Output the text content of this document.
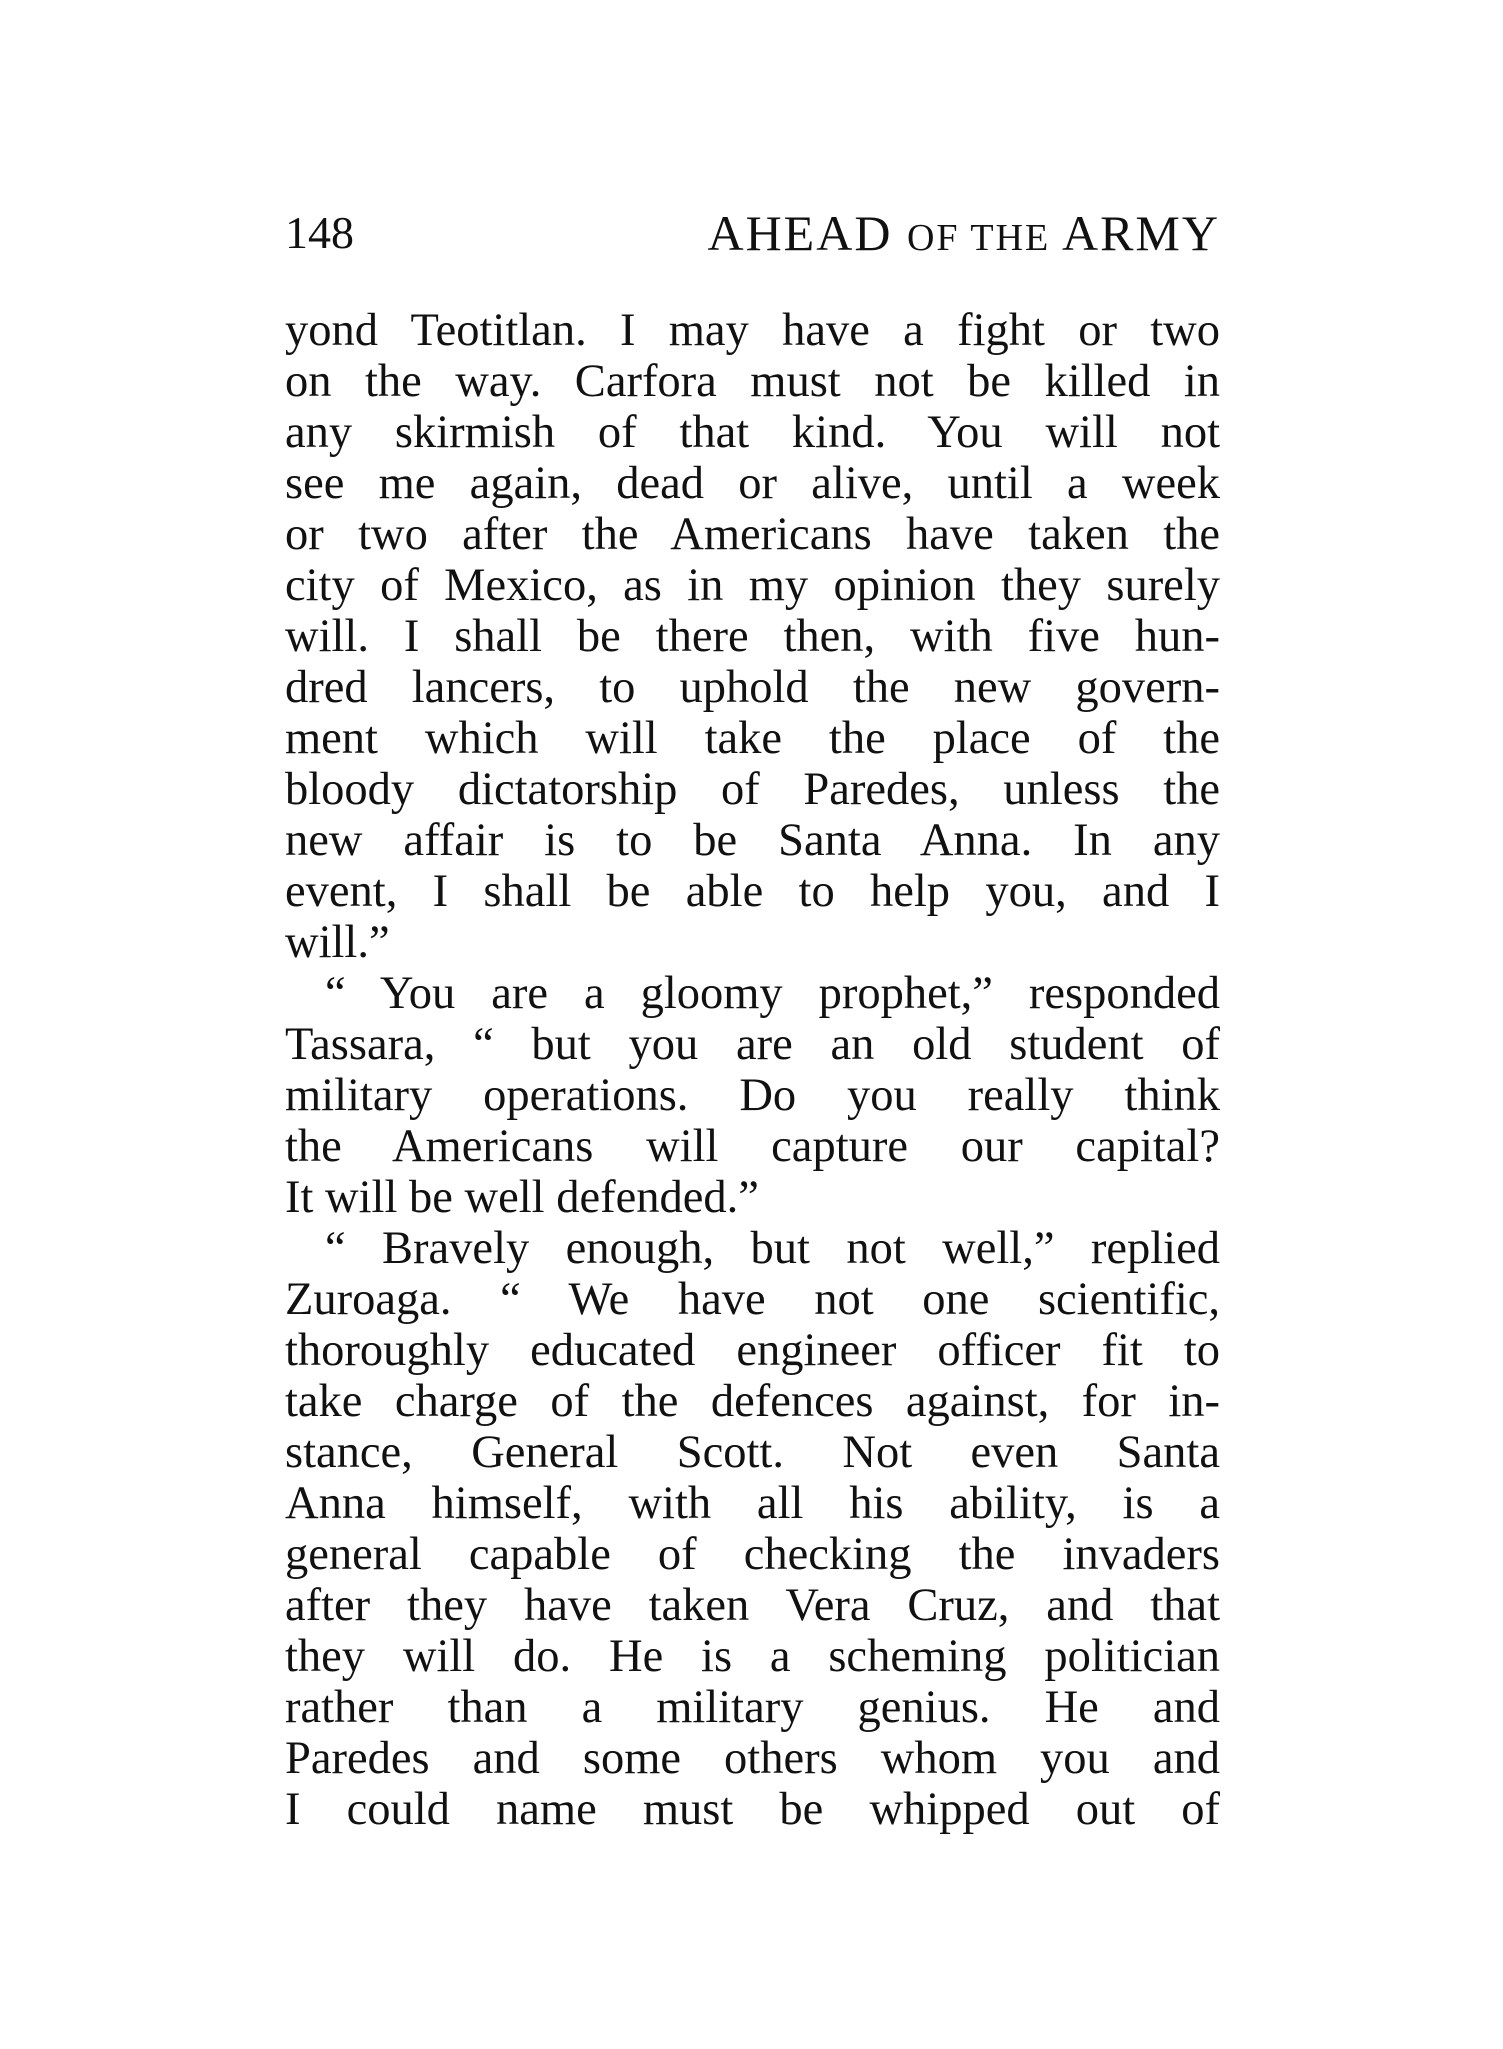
148	AHEAD OF THE ARMY
yond Teotitlan. I may have a fight or two
on the way. Carfora must not be killed in
any skirmish of that kind. You will not
see me again, dead or alive, until a week
or two after the Americans have taken the
city of Mexico, as in my opinion they surely
will. I shall be there then, with five hun-
dred lancers, to uphold the new govern-
ment which will take the place of the
bloody dictatorship of Paredes, unless the
new affair is to be Santa Anna. In any
event, I shall be able to help you, and I
will.”
“ You are a gloomy prophet,” responded
Tassara, “ but you are an old student of
military operations. Do you really think
the Americans will capture our capital?
It will be well defended.”
“ Bravely enough, but not well,” replied
Zuroaga. “ We have not one scientific,
thoroughly educated engineer officer fit to
take charge of the defences against, for in-
stance, General Scott. Not even Santa
Anna himself, with all his ability, is a
general capable of checking the invaders
after they have taken Vera Cruz, and that
they will do. He is a scheming politician
rather than a military genius. He and
Paredes and some others whom you and
I could name must be whipped out of
